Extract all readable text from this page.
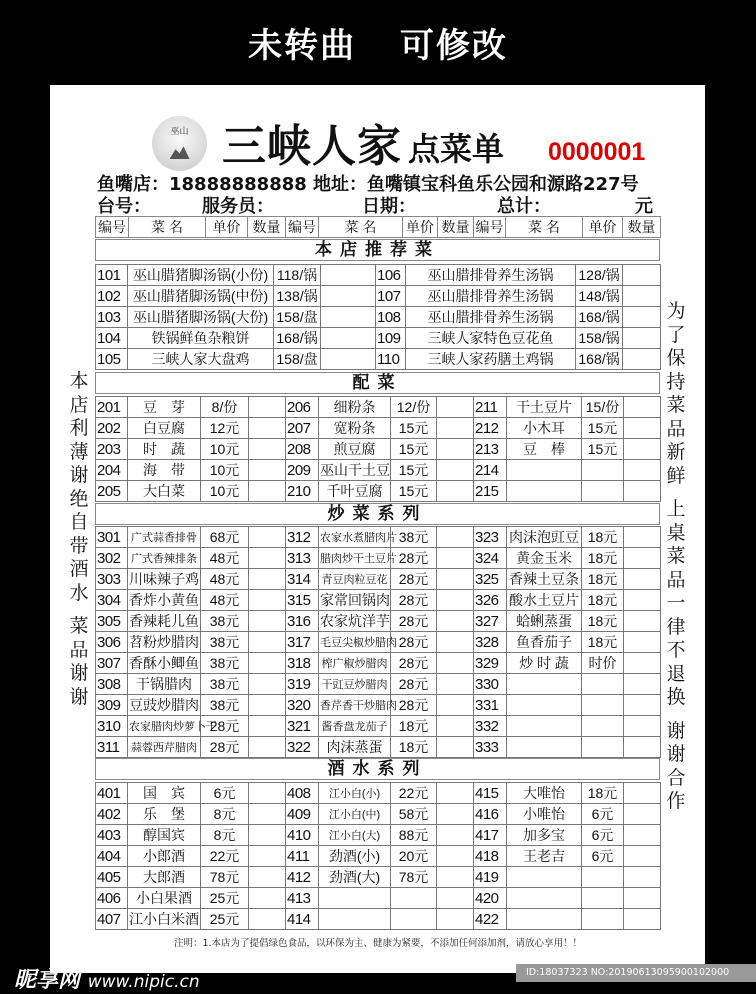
未转曲 可修改
巫山 三峡人家 点菜单 0000001
鱼嘴店：18888888888 地址：鱼嘴镇宝科鱼乐公园和源路227号
台号：	服务员：	日期：	总计：	元
编号	菜 名	单价	数量	编号	菜 名	单价	数量	编号	菜 名	单价	数量
本店推荐菜
101	巫山腊猪脚汤锅(小份)	118/锅		106	巫山腊排骨养生汤锅	128/锅	
102	巫山腊猪脚汤锅(中份)	138/锅		107	巫山腊排骨养生汤锅	148/锅	
103	巫山腊猪脚汤锅(大份)	158/盘		108	巫山腊排骨养生汤锅	168/锅	
104	铁锅鲜鱼杂粮饼	168/锅		109	三峡人家特色豆花鱼	158/锅	
105	三峡人家大盘鸡	158/盘		110	三峡人家药膳土鸡锅	168/锅	
配菜
201	豆　芽	8/份		206	细粉条	12/份		211	干土豆片	15/份	
202	白豆腐	12元		207	宽粉条	15元		212	小木耳	15元	
203	时　蔬	10元		208	煎豆腐	15元		213	豆　棒	15元	
204	海　带	10元		209	巫山干土豆	15元		214			
205	大白菜	10元		210	千叶豆腐	15元		215			
炒菜系列
301	广式蒜香排骨	68元		312	农家水煮腊肉片	38元		323	肉沫泡豇豆	18元	
302	广式香辣排条	48元		313	腊肉炒干土豆片	28元		324	黄金玉米	18元	
303	川味辣子鸡	48元		314	青豆肉粒豆花	28元		325	香辣土豆条	18元	
304	香炸小黄鱼	48元		315	家常回锅肉	28元		326	酸水土豆片	18元	
305	香辣耗儿鱼	38元		316	农家炕洋芋	28元		327	蛤蜊蒸蛋	18元	
306	苕粉炒腊肉	38元		317	毛豆尖椒炒腊肉	28元		328	鱼香茄子	18元	
307	香酥小鲫鱼	38元		318	榨广椒炒腊肉	28元		329	炒 时 蔬	时价	
308	干锅腊肉	38元		319	干豇豆炒腊肉	28元		330			
309	豆豉炒腊肉	38元		320	香芹香干炒腊肉	28元		331			
310	农家腊肉炒萝卜干	28元		321	酱香盘龙茄子	18元		332			
311	蒜蓉西芹腊肉	28元		322	肉沫蒸蛋	18元		333			
酒水系列
401	国　宾	6元		408	江小白(小)	22元		415	大唯怡	18元	
402	乐　堡	8元		409	江小白(中)	58元		416	小唯怡	6元	
403	醇国宾	8元		410	江小白(大)	88元		417	加多宝	6元	
404	小郎酒	22元		411	劲酒(小)	20元		418	王老吉	6元	
405	大郎酒	78元		412	劲酒(大)	78元		419			
406	小白果酒	25元		413				420			
407	江小白米酒	25元		414				422			
本
店
利
薄
谢
绝
自
带
酒
水

菜
品
谢
谢
为
了
保
持
菜
品
新
鲜

上
桌
菜
品
一
律
不
退
换

谢
谢
合
作
注明：1.本店为了提倡绿色食品，以环保为主、健康为紧要，不添加任何添加剂，请放心享用！！
昵享网 www.nipic.cn	ID:18037323 NO:20190613095900102000
